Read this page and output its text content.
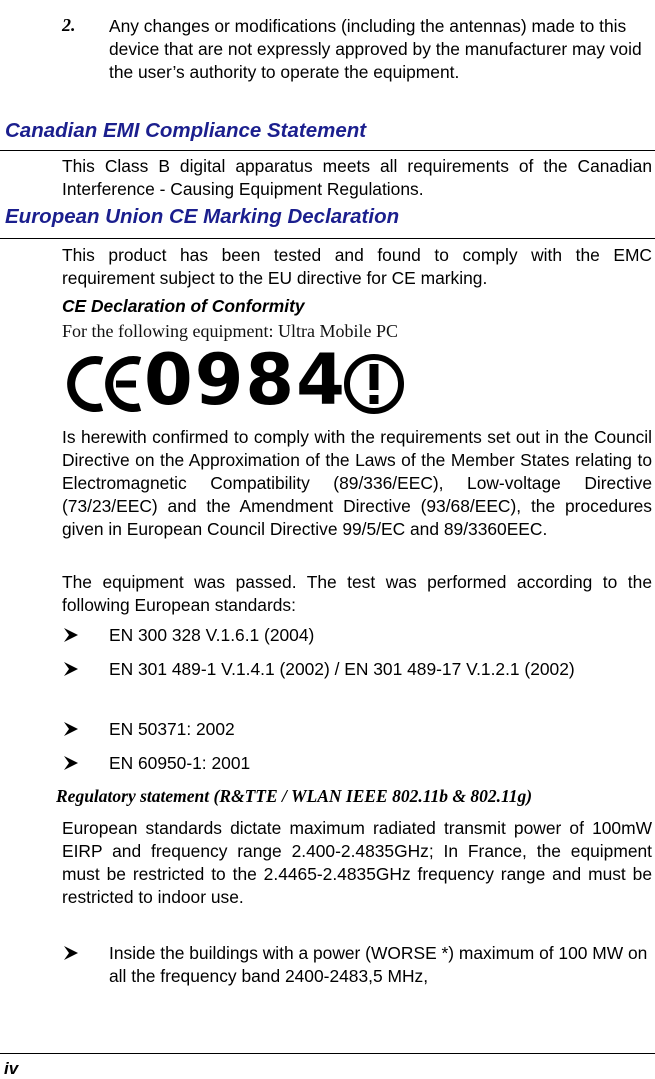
2. Any changes or modifications (including the antennas) made to this device that are not expressly approved by the manufacturer may void the user’s authority to operate the equipment.
Canadian EMI Compliance Statement
This Class B digital apparatus meets all requirements of the Canadian Interference - Causing Equipment Regulations.
European Union CE Marking Declaration
This product has been tested and found to comply with the EMC requirement subject to the EU directive for CE marking.
CE Declaration of Conformity
For the following equipment: Ultra Mobile PC
0984
Is herewith confirmed to comply with the requirements set out in the Council Directive on the Approximation of the Laws of the Member States relating to Electromagnetic Compatibility (89/336/EEC), Low-voltage Directive (73/23/EEC) and the Amendment Directive (93/68/EEC), the procedures given in European Council Directive 99/5/EC and 89/3360EEC.
The equipment was passed. The test was performed according to the following European standards:
EN 300 328 V.1.6.1 (2004)
EN 301 489-1 V.1.4.1 (2002) / EN 301 489-17 V.1.2.1 (2002)
EN 50371: 2002
EN 60950-1: 2001
Regulatory statement (R&TTE / WLAN IEEE 802.11b & 802.11g)
European standards dictate maximum radiated transmit power of 100mW EIRP and frequency range 2.400-2.4835GHz; In France, the equipment must be restricted to the 2.4465-2.4835GHz frequency range and must be restricted to indoor use.
Inside the buildings with a power (WORSE *) maximum of 100 MW on all the frequency band 2400-2483,5 MHz,
iv
